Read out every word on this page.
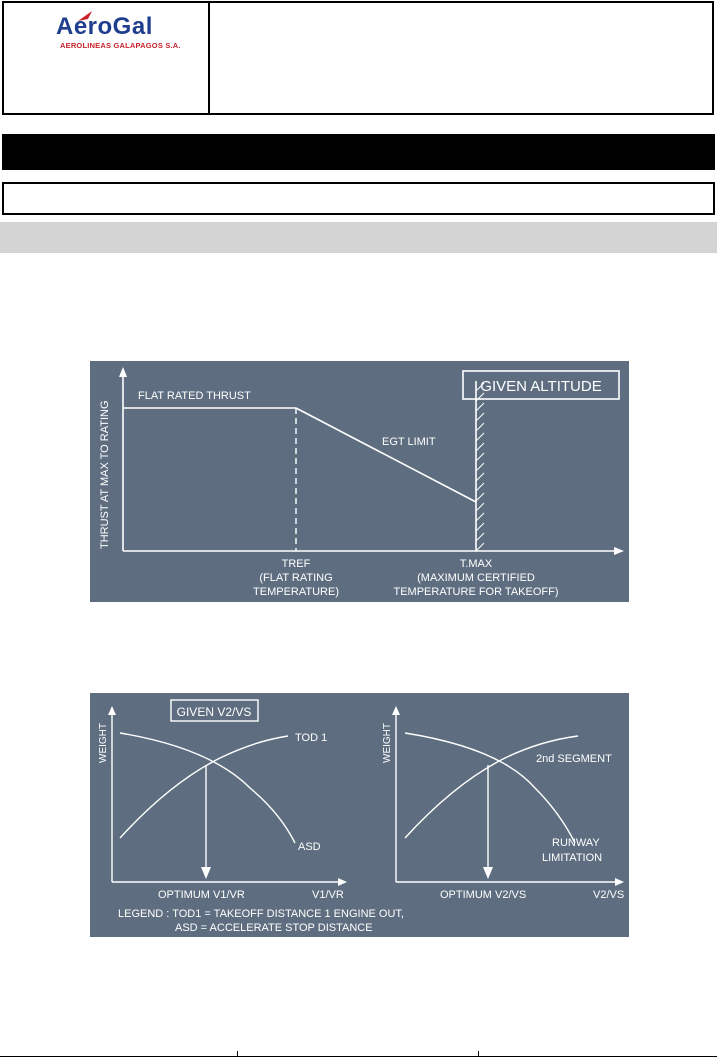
AeroGal
AEROLINEAS GALAPAGOS S.A.
GIVEN ALTITUDE
FLAT RATED THRUST
EGT LIMIT
THRUST AT MAX TO RATING
TREF
(FLAT RATING
TEMPERATURE)
T.MAX
(MAXIMUM CERTIFIED
TEMPERATURE FOR TAKEOFF)
GIVEN V2/VS
WEIGHT	TOD 1
ASD
OPTIMUM V1/VR	V1/VR
WEIGHT	2nd SEGMENT
RUNWAY
LIMITATION
OPTIMUM V2/VS	V2/VS
LEGEND : TOD1 = TAKEOFF DISTANCE 1 ENGINE OUT,
ASD = ACCELERATE STOP DISTANCE
